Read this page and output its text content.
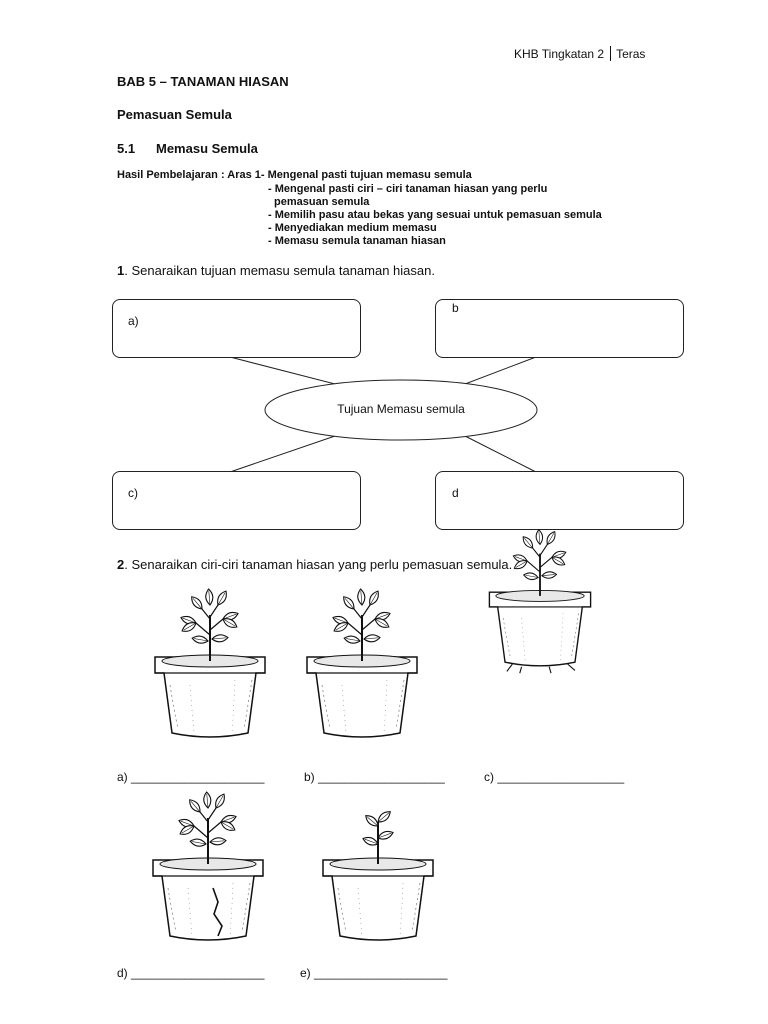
KHB Tingkatan 2 Teras
BAB 5 – TANAMAN HIASAN
Pemasuan Semula
5.1 Memasu Semula
Hasil Pembelajaran : Aras 1- Mengenal pasti tujuan memasu semula
- Mengenal pasti ciri – ciri tanaman hiasan yang perlu
pemasuan semula
- Memilih pasu atau bekas yang sesuai untuk pemasuan semula
- Menyediakan medium memasu
- Memasu semula tanaman hiasan
1. Senaraikan tujuan memasu semula tanaman hiasan.
Tujuan Memasu semula
a)
b
c)	d
2. Senaraikan ciri-ciri tanaman hiasan yang perlu pemasuan semula.
a) ____________________	b) ___________________	c) ___________________
d) ____________________	e) ____________________
